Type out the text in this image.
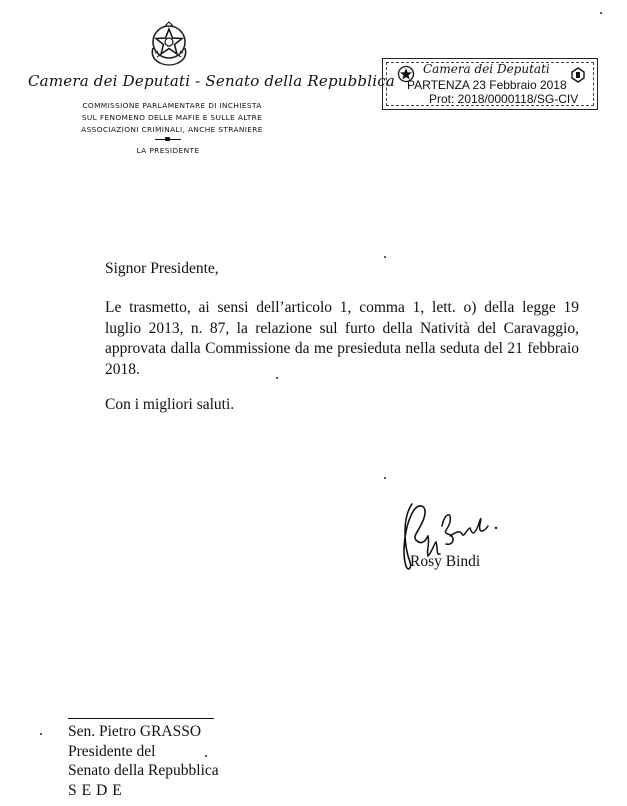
Camera dei Deputati - Senato della Repubblica
COMMISSIONE PARLAMENTARE DI INCHIESTA
SUL FENOMENO DELLE MAFIE E SULLE ALTRE
ASSOCIAZIONI CRIMINALI, ANCHE STRANIERE
LA PRESIDENTE
Camera dei Deputati
PARTENZA 23 Febbraio 2018
Prot: 2018/0000118/SG-CIV
Signor Presidente,
Le trasmetto, ai sensi dell’articolo 1, comma 1, lett. o) della legge 19
luglio 2013, n. 87, la relazione sul furto della Natività del Caravaggio,
approvata dalla Commissione da me presieduta nella seduta del 21 febbraio
2018.
Con i migliori saluti.
Rosy Bindi
Sen. Pietro GRASSO
Presidente del
Senato della Repubblica
SEDE
